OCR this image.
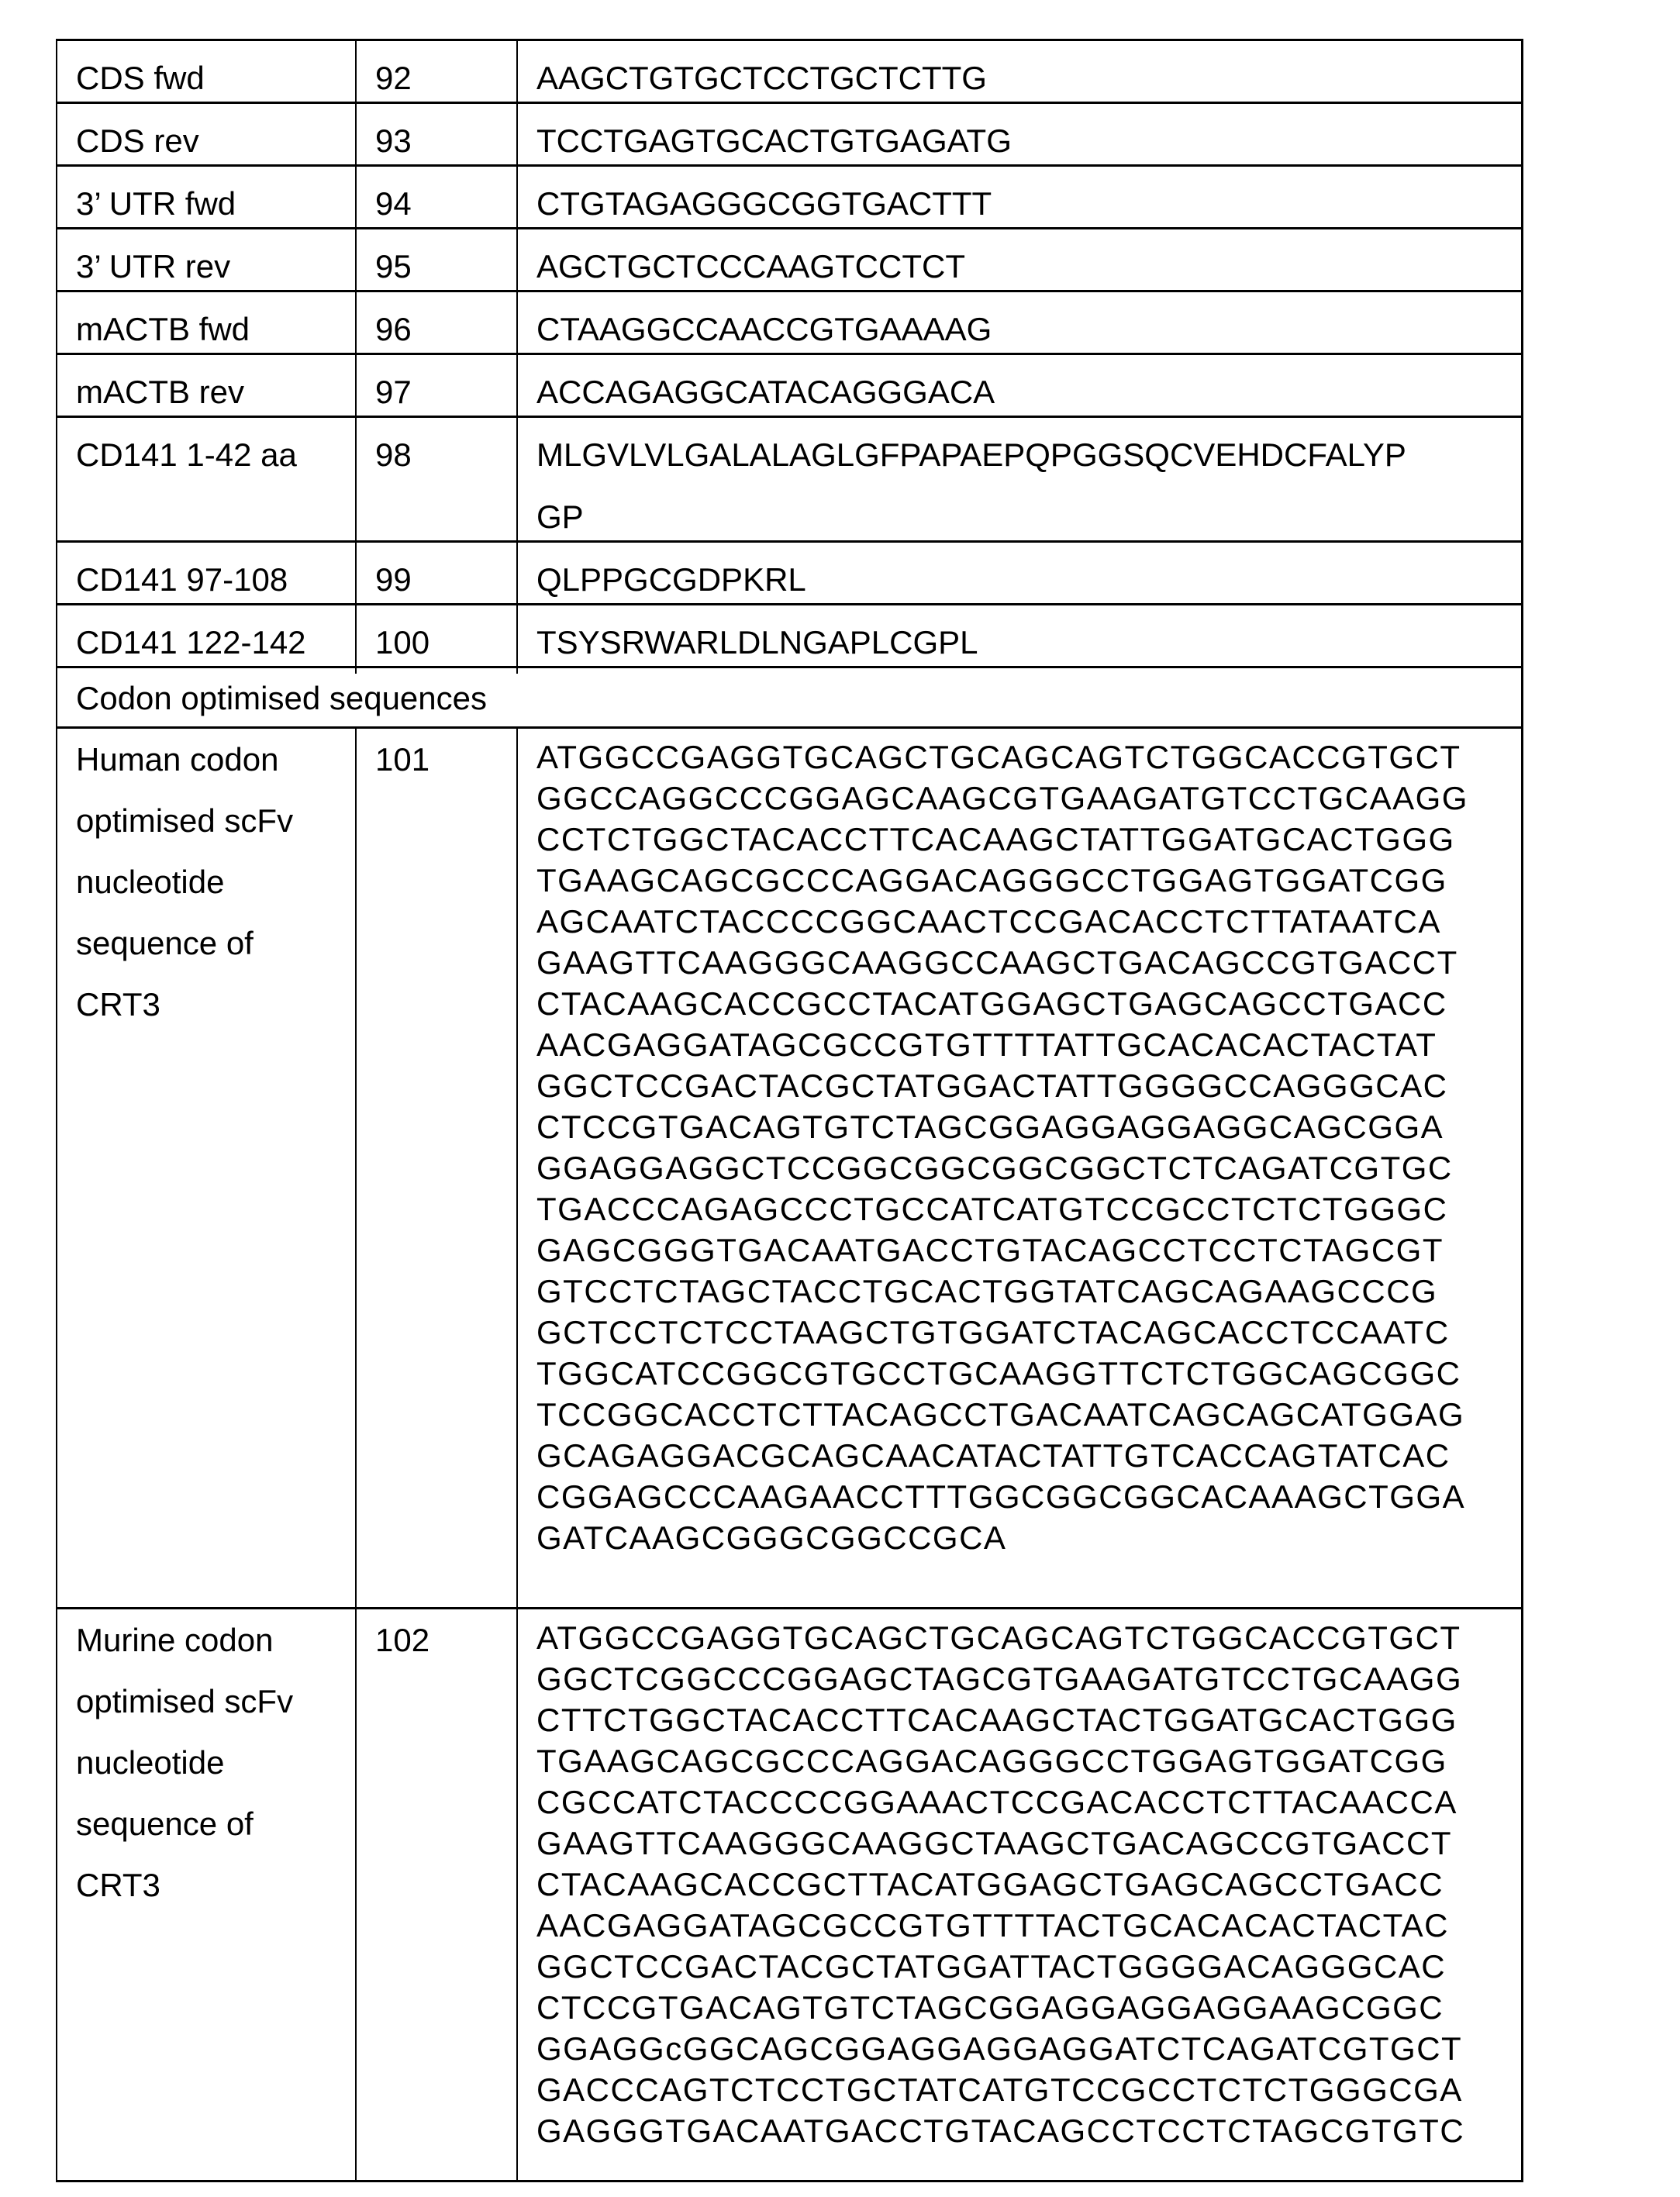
CDS fwd	92	AAGCTGTGCTCCTGCTCTTG
CDS rev	93	TCCTGAGTGCACTGTGAGATG
3’ UTR fwd	94	CTGTAGAGGGCGGTGACTTT
3’ UTR rev	95	AGCTGCTCCCAAGTCCTCT
mACTB fwd	96	CTAAGGCCAACCGTGAAAAG
mACTB rev	97	ACCAGAGGCATACAGGGACA
CD141 1-42 aa	98	MLGVLVLGALALAGLGFPAPAEPQPGGSQCVEHDCFALYP
GP
CD141 97-108	99	QLPPGCGDPKRL
CD141 122-142	100	TSYSRWARLDLNGAPLCGPL
Codon optimised sequences
Human codon
optimised scFv
nucleotide
sequence of
CRT3
101	ATGGCCGAGGTGCAGCTGCAGCAGTCTGGCACCGTGCT
GGCCAGGCCCGGAGCAAGCGTGAAGATGTCCTGCAAGG
CCTCTGGCTACACCTTCACAAGCTATTGGATGCACTGGG
TGAAGCAGCGCCCAGGACAGGGCCTGGAGTGGATCGG
AGCAATCTACCCCGGCAACTCCGACACCTCTTATAATCA
GAAGTTCAAGGGCAAGGCCAAGCTGACAGCCGTGACCT
CTACAAGCACCGCCTACATGGAGCTGAGCAGCCTGACC
AACGAGGATAGCGCCGTGTTTTATTGCACACACTACTAT
GGCTCCGACTACGCTATGGACTATTGGGGCCAGGGCAC
CTCCGTGACAGTGTCTAGCGGAGGAGGAGGCAGCGGA
GGAGGAGGCTCCGGCGGCGGCGGCTCTCAGATCGTGC
TGACCCAGAGCCCTGCCATCATGTCCGCCTCTCTGGGC
GAGCGGGTGACAATGACCTGTACAGCCTCCTCTAGCGT
GTCCTCTAGCTACCTGCACTGGTATCAGCAGAAGCCCG
GCTCCTCTCCTAAGCTGTGGATCTACAGCACCTCCAATC
TGGCATCCGGCGTGCCTGCAAGGTTCTCTGGCAGCGGC
TCCGGCACCTCTTACAGCCTGACAATCAGCAGCATGGAG
GCAGAGGACGCAGCAACATACTATTGTCACCAGTATCAC
CGGAGCCCAAGAACCTTTGGCGGCGGCACAAAGCTGGA
GATCAAGCGGGCGGCCGCA
Murine codon
optimised scFv
nucleotide
sequence of
CRT3
102	ATGGCCGAGGTGCAGCTGCAGCAGTCTGGCACCGTGCT
GGCTCGGCCCGGAGCTAGCGTGAAGATGTCCTGCAAGG
CTTCTGGCTACACCTTCACAAGCTACTGGATGCACTGGG
TGAAGCAGCGCCCAGGACAGGGCCTGGAGTGGATCGG
CGCCATCTACCCCGGAAACTCCGACACCTCTTACAACCA
GAAGTTCAAGGGCAAGGCTAAGCTGACAGCCGTGACCT
CTACAAGCACCGCTTACATGGAGCTGAGCAGCCTGACC
AACGAGGATAGCGCCGTGTTTTACTGCACACACTACTAC
GGCTCCGACTACGCTATGGATTACTGGGGACAGGGCAC
CTCCGTGACAGTGTCTAGCGGAGGAGGAGGAAGCGGC
GGAGGcGGCAGCGGAGGAGGAGGATCTCAGATCGTGCT
GACCCAGTCTCCTGCTATCATGTCCGCCTCTCTGGGCGA
GAGGGTGACAATGACCTGTACAGCCTCCTCTAGCGTGTC
